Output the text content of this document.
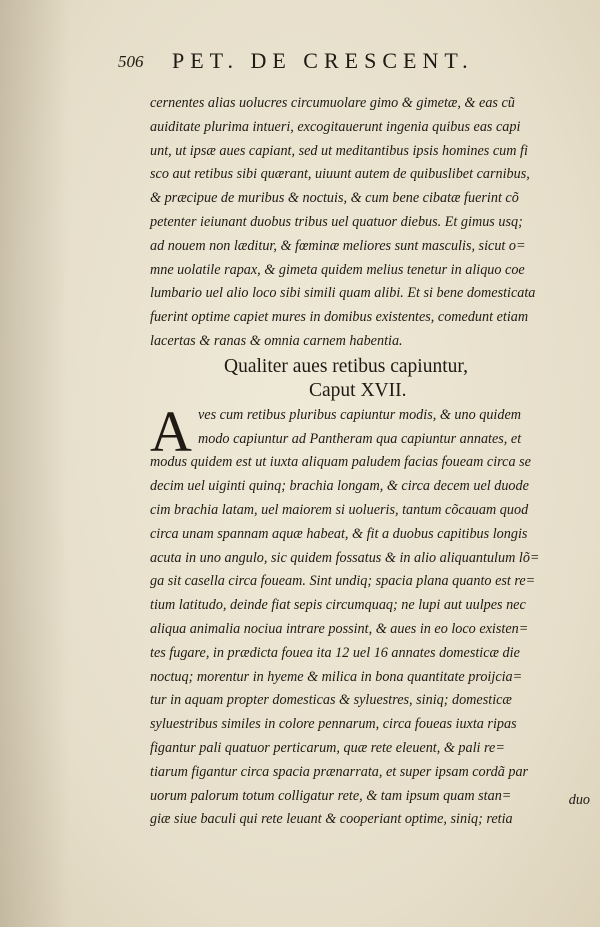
506 PET. DE CRESCENT.
cernentes alias uolucres circumuolare gimo & gimetæ, & eas cũ
auiditate plurima intueri, excogitauerunt ingenia quibus eas capi
unt, ut ipsæ aues capiant, sed ut meditantibus ipsis homines cum fi
sco aut retibus sibi quærant, uiuunt autem de quibuslibet carnibus,
& præcipue de muribus & noctuis, & cum bene cibatæ fuerint cõ
petenter ieiunant duobus tribus uel quatuor diebus. Et gimus usq;
ad nouem non læditur, & fœminæ meliores sunt masculis, sicut o=
mne uolatile rapax, & gimeta quidem melius tenetur in aliquo coe
lumbario uel alio loco sibi simili quam alibi. Et si bene domesticata
fuerint optime capiet mures in domibus existentes, comedunt etiam
lacertas & ranas & omnia carnem habentia.
Qualiter aues retibus capiuntur,
Caput XVII.
A ves cum retibus pluribus capiuntur modis, & uno quidem
modo capiuntur ad Pantheram qua capiuntur annates, et
modus quidem est ut iuxta aliquam paludem facias foueam circa se
decim uel uiginti quinq; brachia longam, & circa decem uel duode
cim brachia latam, uel maiorem si uolueris, tantum cõcauam quod
circa unam spannam aquæ habeat, & fit a duobus capitibus longis
acuta in uno angulo, sic quidem fossatus & in alio aliquantulum lõ=
ga sit casella circa foueam. Sint undiq; spacia plana quanto est re=
tium latitudo, deinde fiat sepis circumquaq; ne lupi aut uulpes nec
aliqua animalia nociua intrare possint, & aues in eo loco existen=
tes fugare, in prædicta fouea ita 12 uel 16 annates domesticæ die
noctuq; morentur in hyeme & milica in bona quantitate proijcia=
tur in aquam propter domesticas & syluestres, siniq; domesticæ
syluestribus similes in colore pennarum, circa foueas iuxta ripas
figantur pali quatuor perticarum, quæ rete eleuent, & pali re=
tiarum figantur circa spacia prænarrata, et super ipsam cordã par
uorum palorum totum colligatur rete, & tam ipsum quam stan=
giæ siue baculi qui rete leuant & cooperiant optime, siniq; retia
duo
